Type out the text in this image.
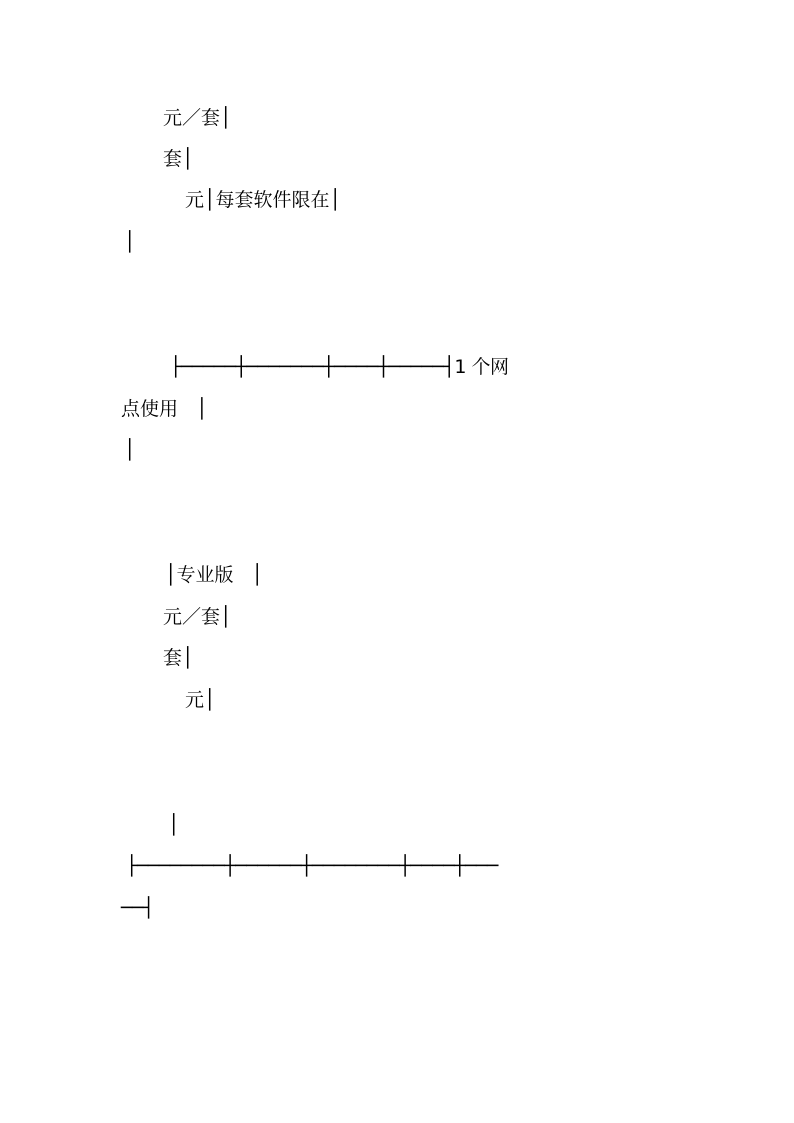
元／套│
套│
元│每套软件限在│
│
├─────┼───────┼────┼─────┤1 个网
点使用   │
│
│专业版   │
元／套│
套│
元│
│
├────────┼──────┼────────┼────┼───
──┤
